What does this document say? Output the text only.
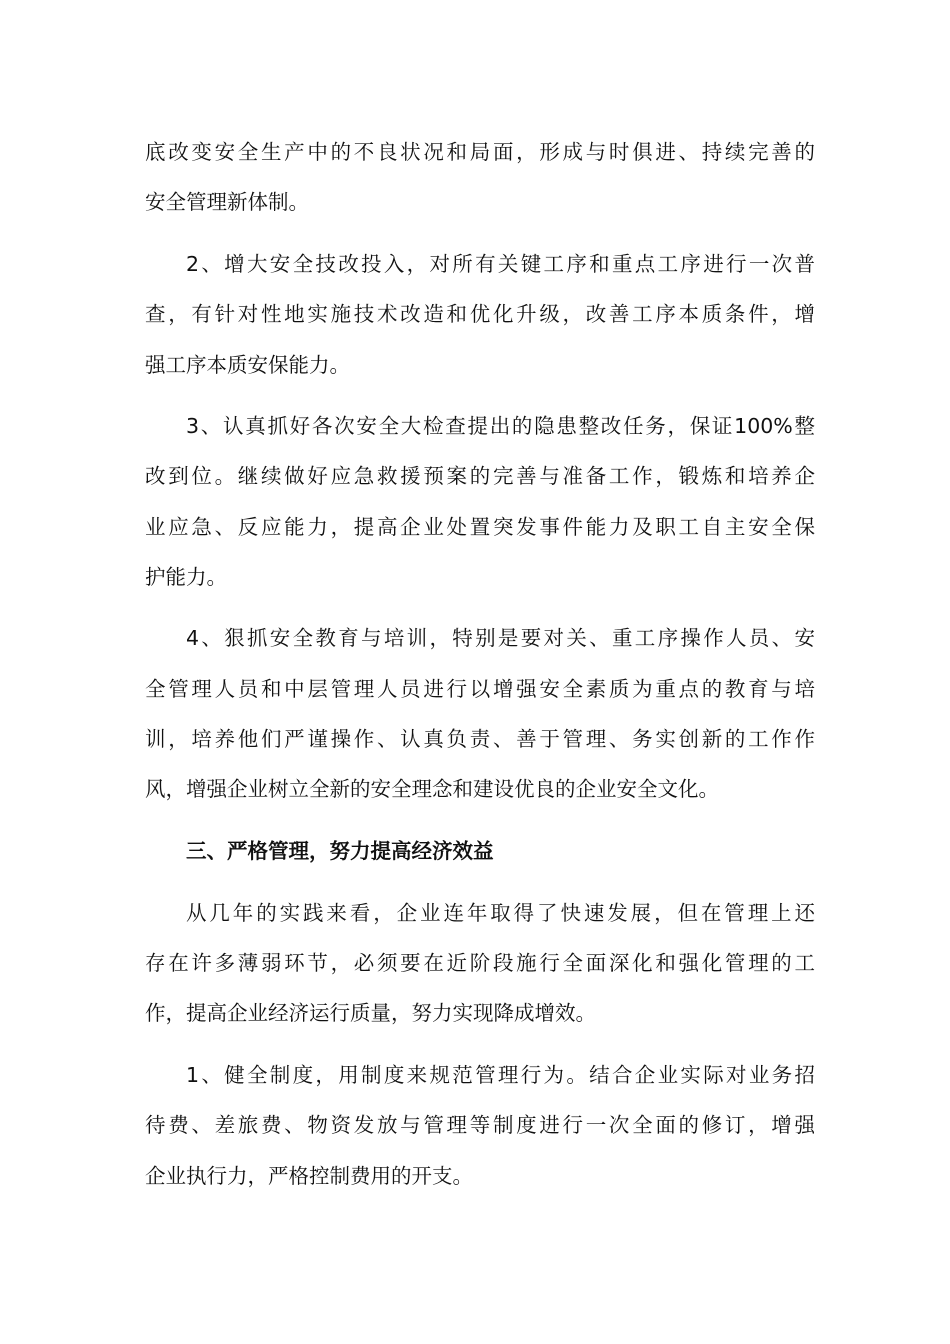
底改变安全生产中的不良状况和局面，形成与时俱进、持续完善的
安全管理新体制。
2、增大安全技改投入，对所有关键工序和重点工序进行一次普
查，有针对性地实施技术改造和优化升级，改善工序本质条件，增
强工序本质安保能力。
3、认真抓好各次安全大检查提出的隐患整改任务，保证100%整
改到位。继续做好应急救援预案的完善与准备工作，锻炼和培养企
业应急、反应能力，提高企业处置突发事件能力及职工自主安全保
护能力。
4、狠抓安全教育与培训，特别是要对关、重工序操作人员、安
全管理人员和中层管理人员进行以增强安全素质为重点的教育与培
训，培养他们严谨操作、认真负责、善于管理、务实创新的工作作
风，增强企业树立全新的安全理念和建设优良的企业安全文化。
三、严格管理，努力提高经济效益
从几年的实践来看，企业连年取得了快速发展，但在管理上还
存在许多薄弱环节，必须要在近阶段施行全面深化和强化管理的工
作，提高企业经济运行质量，努力实现降成增效。
1、健全制度，用制度来规范管理行为。结合企业实际对业务招
待费、差旅费、物资发放与管理等制度进行一次全面的修订，增强
企业执行力，严格控制费用的开支。
